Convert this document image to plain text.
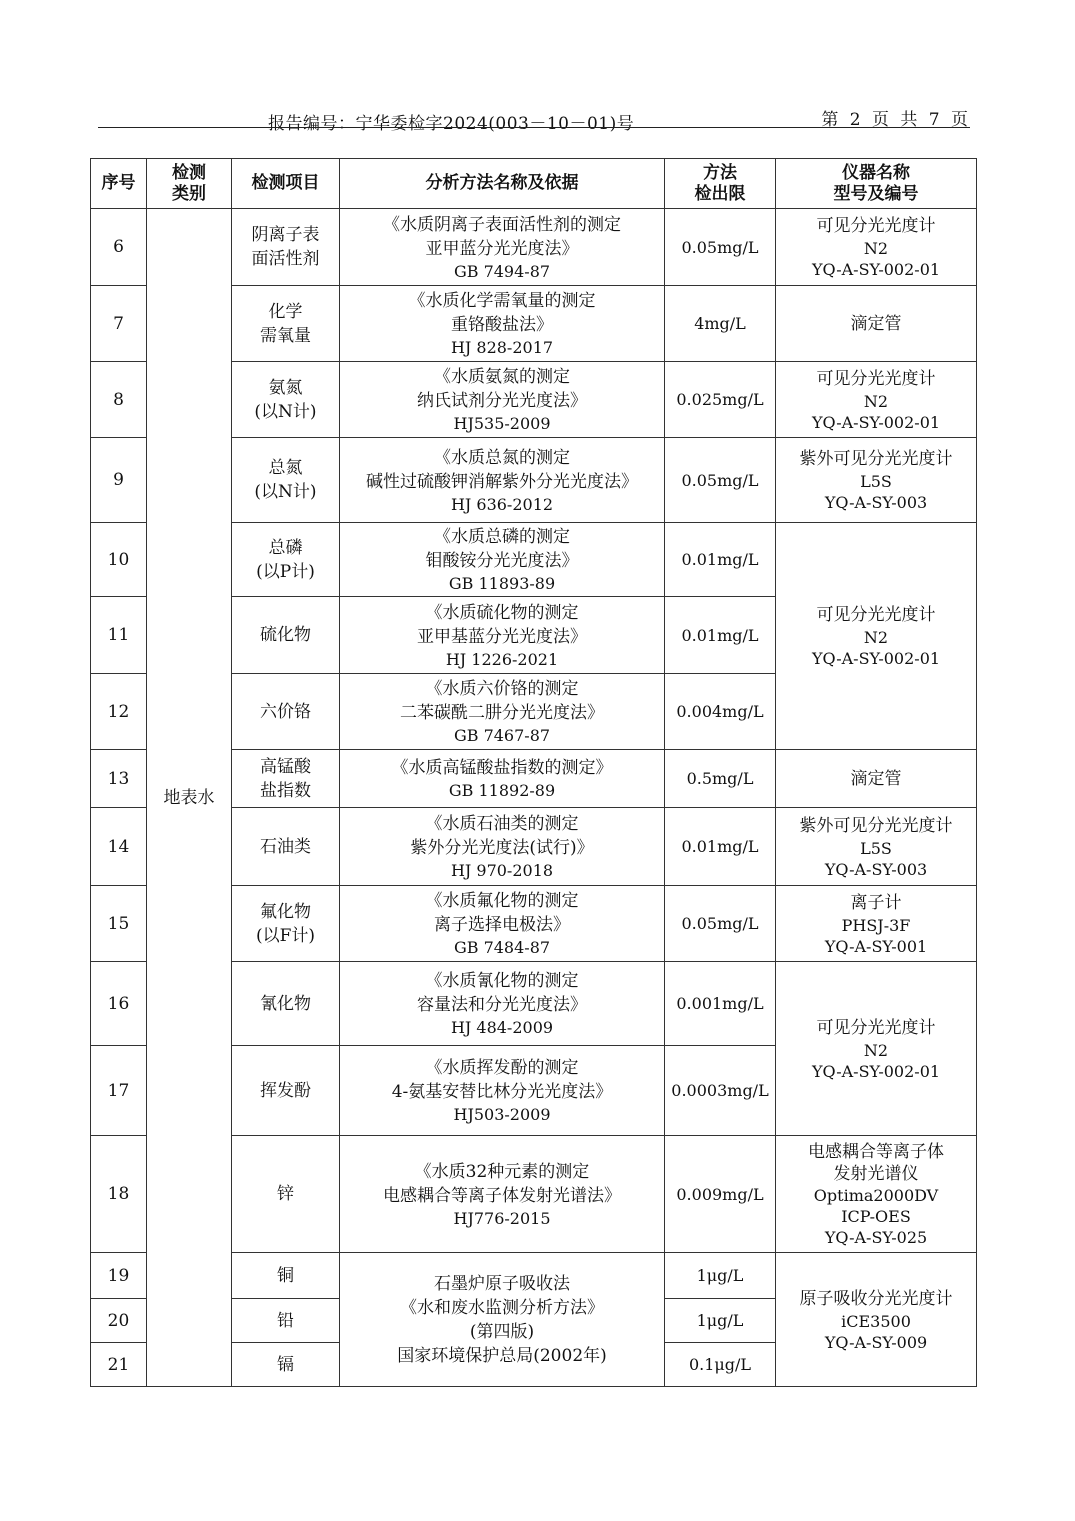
报告编号：宁华委检字2024(003－10－01)号	第 2 页 共 7 页
序号	检测
类别	检测项目	分析方法名称及依据	方法
检出限	仪器名称
型号及编号

6	地表水	阴离子表
面活性剂	《水质阴离子表面活性剂的测定
亚甲蓝分光光度法》
GB 7494-87	0.05mg/L	可见分光光度计
N2
YQ-A-SY-002-01

7		化学
需氧量	《水质化学需氧量的测定
重铬酸盐法》
HJ 828-2017	4mg/L	滴定管

8		氨氮
(以N计)	《水质氨氮的测定
纳氏试剂分光光度法》
HJ535-2009	0.025mg/L	可见分光光度计
N2
YQ-A-SY-002-01

9		总氮
(以N计)	《水质总氮的测定
碱性过硫酸钾消解紫外分光光度法》
HJ 636-2012	0.05mg/L	紫外可见分光光度计
L5S
YQ-A-SY-003

10		总磷
(以P计)	《水质总磷的测定
钼酸铵分光光度法》
GB 11893-89	0.01mg/L	可见分光光度计
N2
YQ-A-SY-002-01

11		硫化物	《水质硫化物的测定
亚甲基蓝分光光度法》
HJ 1226-2021	0.01mg/L	
12		六价铬	《水质六价铬的测定
二苯碳酰二肼分光光度法》
GB 7467-87	0.004mg/L	
13		高锰酸
盐指数	《水质高锰酸盐指数的测定》
GB 11892-89	0.5mg/L	滴定管

14		石油类	《水质石油类的测定
紫外分光光度法(试行)》
HJ 970-2018	0.01mg/L	紫外可见分光光度计
L5S
YQ-A-SY-003

15		氟化物
(以F计)	《水质氟化物的测定
离子选择电极法》
GB 7484-87	0.05mg/L	离子计
PHSJ-3F
YQ-A-SY-001

16		氰化物	《水质氰化物的测定
容量法和分光光度法》
HJ 484-2009	0.001mg/L	可见分光光度计
N2
YQ-A-SY-002-01

17		挥发酚	《水质挥发酚的测定
4-氨基安替比林分光光度法》
HJ503-2009	0.0003mg/L	
18		锌	《水质32种元素的测定
电感耦合等离子体发射光谱法》
HJ776-2015	0.009mg/L	电感耦合等离子体
发射光谱仪
Optima2000DV
ICP-OES
YQ-A-SY-025

19		铜	石墨炉原子吸收法
《水和废水监测分析方法》
(第四版)
国家环境保护总局(2002年)	1μg/L	原子吸收分光光度计
iCE3500
YQ-A-SY-009

20		铅		1μg/L	
21		镉		0.1μg/L	
